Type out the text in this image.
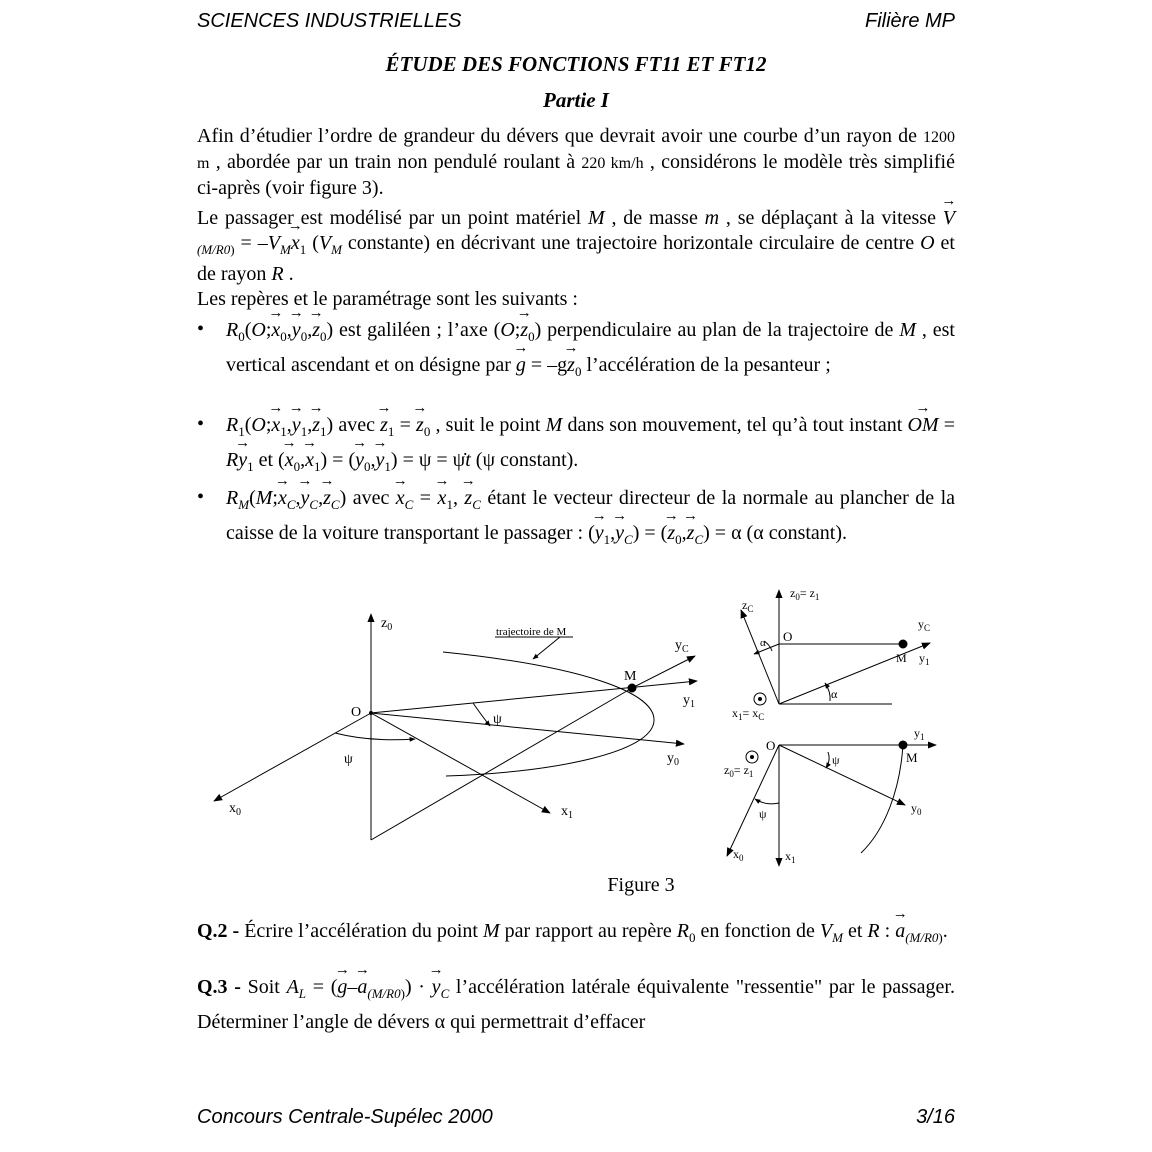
SCIENCES INDUSTRIELLES	Filière MP
Concours Centrale-Supélec 2000	3/16
ÉTUDE DES FONCTIONS FT11 ET FT12
Partie I
Afin d’étudier l’ordre de grandeur du dévers que devrait avoir une courbe d’un rayon de 1200 m , abordée par un train non pendulé roulant à 220 km/h , considérons le modèle très simplifié ci-après (voir figure 3).
Le passager est modélisé par un point matériel M , de masse m , se déplaçant à la vitesse → $V_{(M/R0)} = -V_M\to x_1$ ($V_M$ constante) en décrivant une trajectoire horizontale circulaire de centre O et de rayon R .
Les repères et le paramétrage sont les suivants :
• $R_0(O;\to x_0,\to y_0,\to z_0)$ est galiléen ; l’axe (O;→ $z_0$) perpendiculaire au plan de la trajectoire de M , est vertical ascendant et on désigne par → $g = -g\to z_0$ l’accélération de la pesanteur ;
• $R_1(O;\to x_1,\to y_1,\to z_1)$ avec → $z_1$ = → $z_0$ , suit le point M dans son mouvement, tel qu’à tout instant → OM = $R\to y_1$ et (→ $x_0,\to x_1$) = (→ $y_0,\to y_1) = \psi$ = ψ̇t (ψ constant).
• $R_M(M;\to x_C,\to y_C,\to z_C)$ avec → $x_C$ = → $x_1$, → $z_C$ étant le vecteur directeur de la normale au plancher de la caisse de la voiture transportant le passager : (→ $y_1,\to y_C$) = (→ $z_0,\to z_C) = \alpha$ (α constant).
$z_0$
O
$x_0$
$y_0$
$x_1$
$y_1$
$y_C$
M
ψ
ψ
trajectoire de M
$z_0= z_1$
$z_C$
O
$y_C$
M $y_1$
α
α
$x_1= x_C$
O
$y_1$
M
ψ
$z_0= z_1$
$y_0$
ψ
$x_0$	$x_1$
Figure 3
Q.2 - Écrire l’accélération du point M par rapport au repère $R_0$ en fonction de $V_M$ et R : → $a_{(M/R0)}$.
Q.3 - Soit $A_L$ = (→ $g-\to a_{(M/R0)}$) · → $y_C$ l’accélération latérale équivalente "ressentie" par le passager. Déterminer l’angle de dévers α qui permettrait d’effacer
